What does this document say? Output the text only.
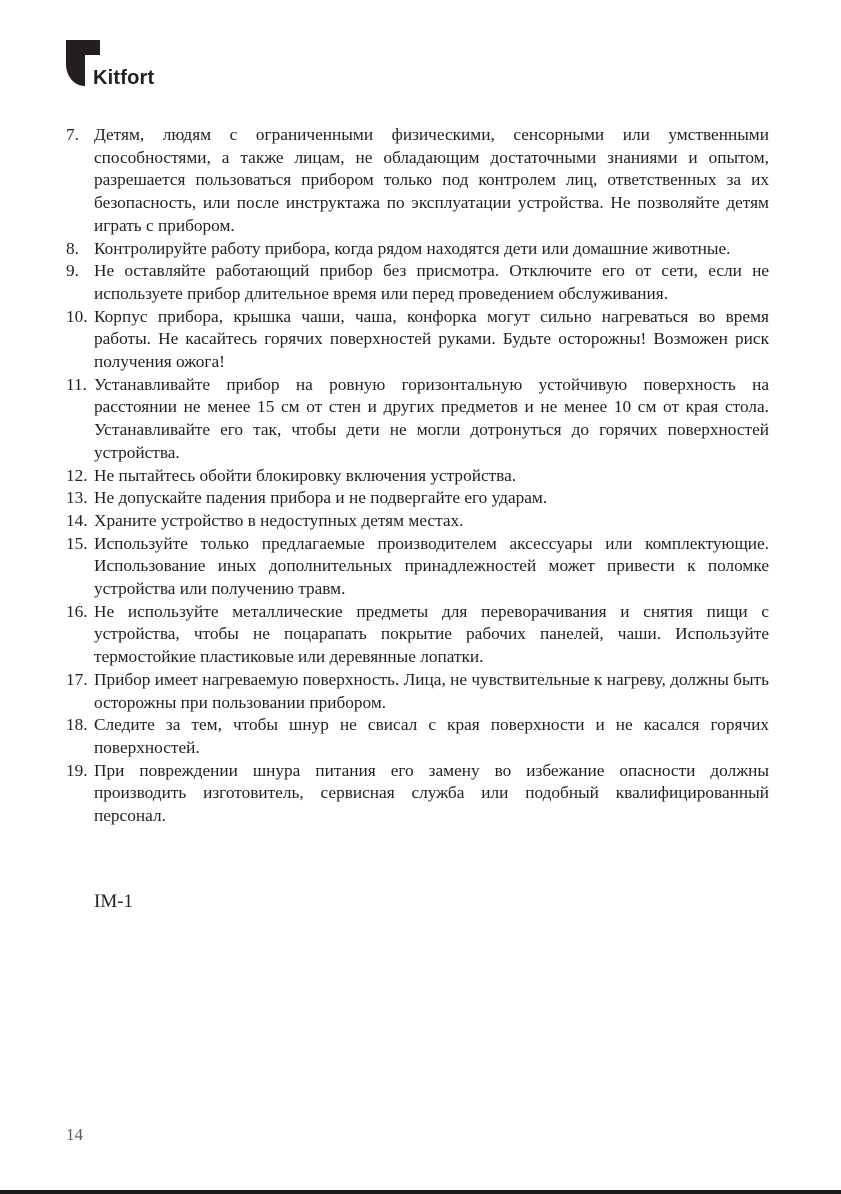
Kitfort
7. Детям, людям с ограниченными физическими, сенсорными или умственными способностями, а также лицам, не обладающим достаточными знаниями и опытом, разрешается пользоваться прибором только под контролем лиц, ответственных за их безопасность, или после инструктажа по эксплуатации устройства. Не позволяйте детям играть с прибором.
8. Контролируйте работу прибора, когда рядом находятся дети или домашние животные.
9. Не оставляйте работающий прибор без присмотра. Отключите его от сети, если не используете прибор длительное время или перед проведением обслуживания.
10. Корпус прибора, крышка чаши, чаша, конфорка могут сильно нагреваться во время работы. Не касайтесь горячих поверхностей руками. Будьте осторожны! Возможен риск получения ожога!
11. Устанавливайте прибор на ровную горизонтальную устойчивую поверхность на расстоянии не менее 15 см от стен и других предметов и не менее 10 см от края стола. Устанавливайте его так, чтобы дети не могли дотронуться до горячих поверхностей устройства.
12. Не пытайтесь обойти блокировку включения устройства.
13. Не допускайте падения прибора и не подвергайте его ударам.
14. Храните устройство в недоступных детям местах.
15. Используйте только предлагаемые производителем аксессуары или комплектующие. Использование иных дополнительных принадлежностей может привести к поломке устройства или получению травм.
16. Не используйте металлические предметы для переворачивания и снятия пищи с устройства, чтобы не поцарапать покрытие рабочих панелей, чаши. Используйте термостойкие пластиковые или деревянные лопатки.
17. Прибор имеет нагреваемую поверхность. Лица, не чувствительные к нагреву, должны быть осторожны при пользовании прибором.
18. Следите за тем, чтобы шнур не свисал с края поверхности и не касался горячих поверхностей.
19. При повреждении шнура питания его замену во избежание опасности должны производить изготовитель, сервисная служба или подобный квалифицированный персонал.
IM-1
14
